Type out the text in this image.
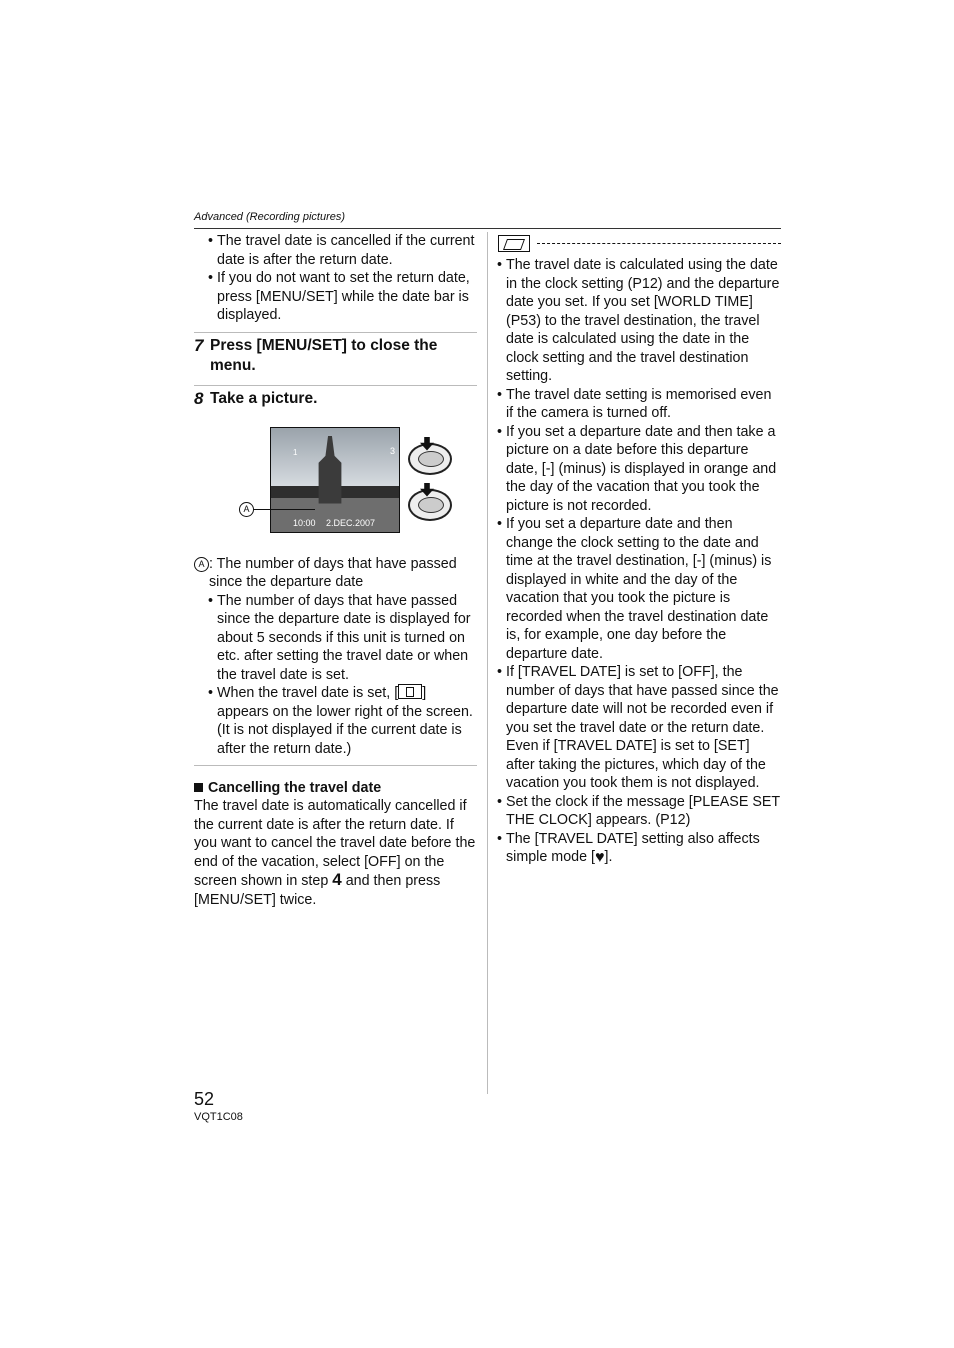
Advanced (Recording pictures)
• The travel date is cancelled if the current date is after the return date.
• If you do not want to set the return date, press [MENU/SET] while the date bar is displayed.
7 Press [MENU/SET] to close the menu.
8 Take a picture.
3
1
10:00 2.DEC.2007
A
A : The number of days that have passed since the departure date
• The number of days that have passed since the departure date is displayed for about 5 seconds if this unit is turned on etc. after setting the travel date or when the travel date is set.
• When the travel date is set, [ ] appears on the lower right of the screen. (It is not displayed if the current date is after the return date.)
Cancelling the travel date

The travel date is automatically cancelled if the current date is after the return date. If you want to cancel the travel date before the end of the vacation, select [OFF] on the screen shown in step 4 and then press [MENU/SET] twice.

• The travel date is calculated using the date in the clock setting (P12) and the departure date you set. If you set [WORLD TIME] (P53) to the travel destination, the travel date is calculated using the date in the clock setting and the travel destination setting.
• The travel date setting is memorised even if the camera is turned off.
• If you set a departure date and then take a picture on a date before this departure date, [-] (minus) is displayed in orange and the day of the vacation that you took the picture is not recorded.
• If you set a departure date and then change the clock setting to the date and time at the travel destination, [-] (minus) is displayed in white and the day of the vacation that you took the picture is recorded when the travel destination date is, for example, one day before the departure date.
• If [TRAVEL DATE] is set to [OFF], the number of days that have passed since the departure date will not be recorded even if you set the travel date or the return date. Even if [TRAVEL DATE] is set to [SET] after taking the pictures, which day of the vacation you took them is not displayed.
• Set the clock if the message [PLEASE SET THE CLOCK] appears. (P12)
• The [TRAVEL DATE] setting also affects simple mode [♥].
52
VQT1C08
